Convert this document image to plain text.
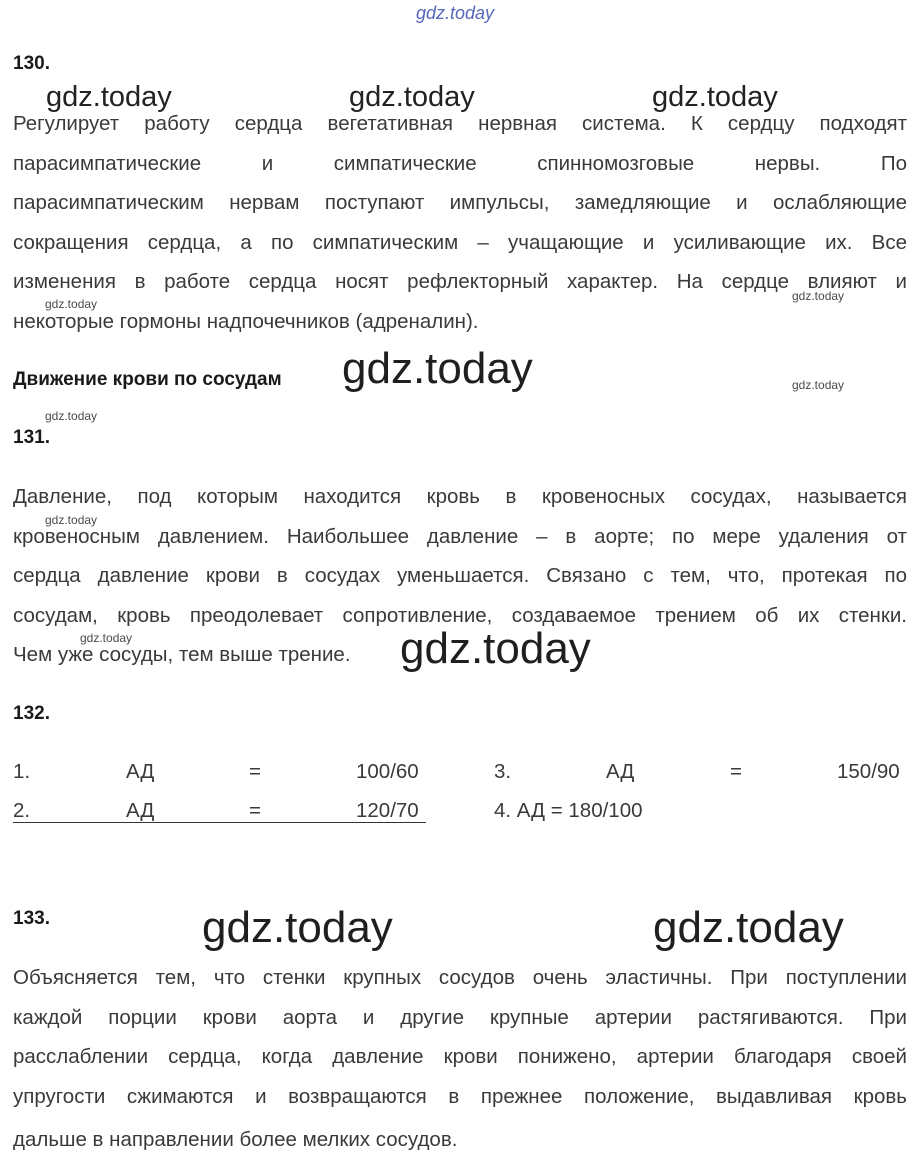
gdz.today
130.
gdz.today	gdz.today	gdz.today
Регулирует работу сердца вегетативная нервная система. К сердцу подходят
парасимпатические и симпатические спинномозговые нервы. По
парасимпатическим нервам поступают импульсы, замедляющие и ослабляющие
сокращения сердца, а по симпатическим – учащающие и усиливающие их. Все
изменения в работе сердца носят рефлекторный характер. На сердце влияют и
некоторые гормоны надпочечников (адреналин).
gdz.today
gdz.today
Движение крови по сосудам gdz.today	gdz.today
gdz.today
131.
Давление, под которым находится кровь в кровеносных сосудах, называется
кровеносным давлением. Наибольшее давление – в аорте; по мере удаления от
сердца давление крови в сосудах уменьшается. Связано с тем, что, протекая по
сосудам, кровь преодолевает сопротивление, создаваемое трением об их стенки.
Чем уже сосуды, тем выше трение.
gdz.today
gdz.today	gdz.today
132.
1.	АД	=	100/60	3.	АД	=	150/90
2.	АД	=	120/70	4. АД = 180/100
133.	gdz.today	gdz.today
Объясняется тем, что стенки крупных сосудов очень эластичны. При поступлении
каждой порции крови аорта и другие крупные артерии растягиваются. При
расслаблении сердца, когда давление крови понижено, артерии благодаря своей
упругости сжимаются и возвращаются в прежнее положение, выдавливая кровь
дальше в направлении более мелких сосудов.
